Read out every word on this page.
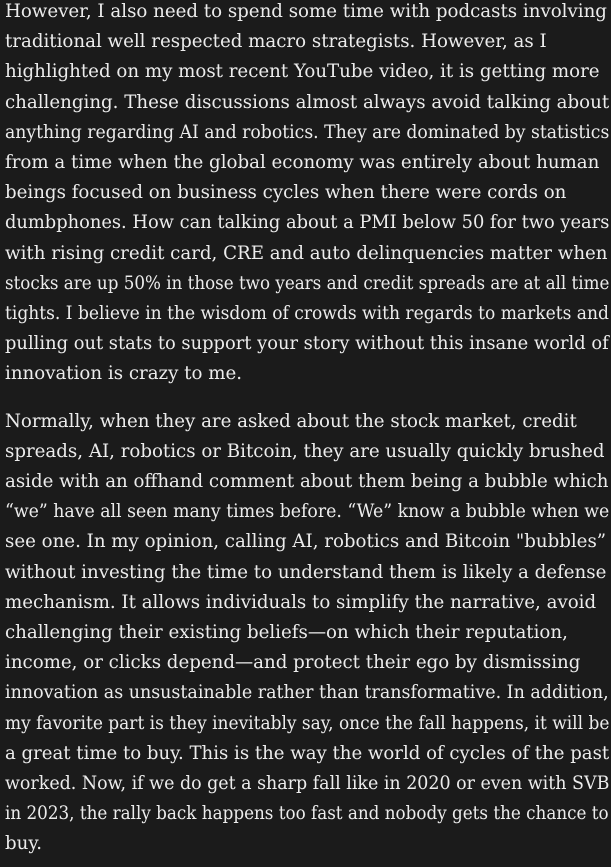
However, I also need to spend some time with podcasts involving
traditional well respected macro strategists. However, as I
highlighted on my most recent YouTube video, it is getting more
challenging. These discussions almost always avoid talking about
anything regarding AI and robotics. They are dominated by statistics
from a time when the global economy was entirely about human
beings focused on business cycles when there were cords on
dumbphones. How can talking about a PMI below 50 for two years
with rising credit card, CRE and auto delinquencies matter when
stocks are up 50% in those two years and credit spreads are at all time
tights. I believe in the wisdom of crowds with regards to markets and
pulling out stats to support your story without this insane world of
innovation is crazy to me.

Normally, when they are asked about the stock market, credit
spreads, AI, robotics or Bitcoin, they are usually quickly brushed
aside with an offhand comment about them being a bubble which
“we” have all seen many times before. “We” know a bubble when we
see one. In my opinion, calling AI, robotics and Bitcoin "bubbles”
without investing the time to understand them is likely a defense
mechanism. It allows individuals to simplify the narrative, avoid
challenging their existing beliefs—on which their reputation,
income, or clicks depend—and protect their ego by dismissing
innovation as unsustainable rather than transformative. In addition,
my favorite part is they inevitably say, once the fall happens, it will be
a great time to buy. This is the way the world of cycles of the past
worked. Now, if we do get a sharp fall like in 2020 or even with SVB
in 2023, the rally back happens too fast and nobody gets the chance to
buy.
